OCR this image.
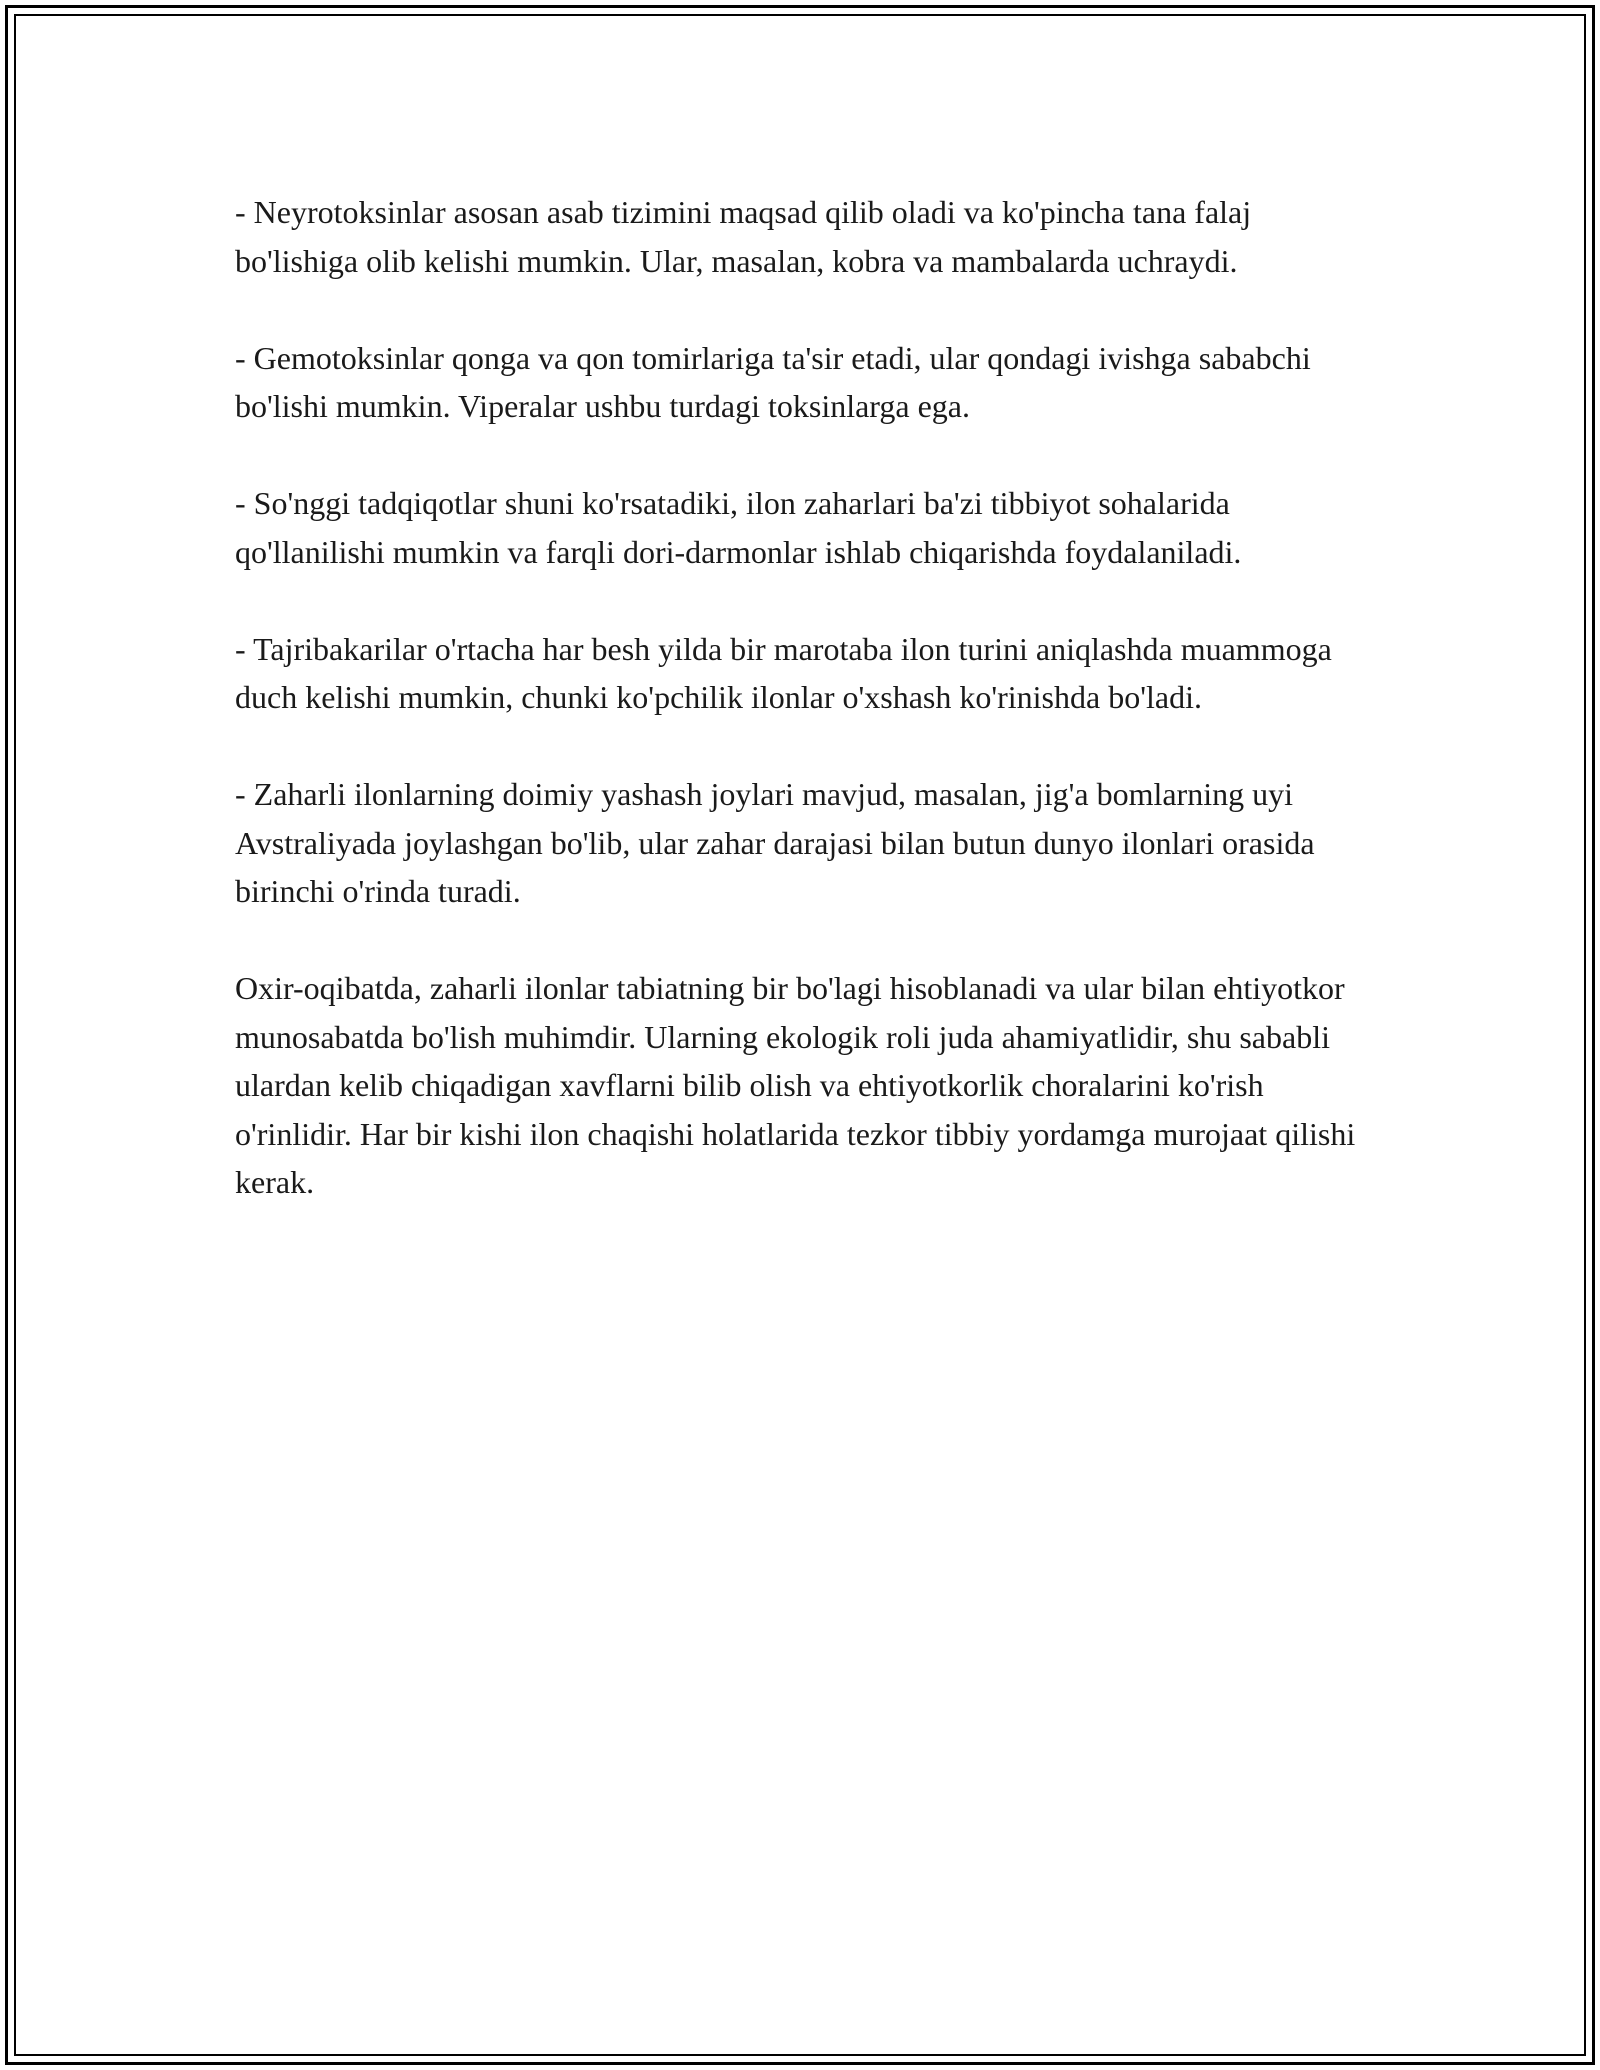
- Neyrotoksinlar asosan asab tizimini maqsad qilib oladi va ko'pincha tana falaj bo'lishiga olib kelishi mumkin. Ular, masalan, kobra va mambalarda uchraydi.

- Gemotoksinlar qonga va qon tomirlariga ta'sir etadi, ular qondagi ivishga sababchi bo'lishi mumkin. Viperalar ushbu turdagi toksinlarga ega.

- So'nggi tadqiqotlar shuni ko'rsatadiki, ilon zaharlari ba'zi tibbiyot sohalarida qo'llanilishi mumkin va farqli dori-darmonlar ishlab chiqarishda foydalaniladi.

- Tajribakarilar o'rtacha har besh yilda bir marotaba ilon turini aniqlashda muammoga duch kelishi mumkin, chunki ko'pchilik ilonlar o'xshash ko'rinishda bo'ladi.

- Zaharli ilonlarning doimiy yashash joylari mavjud, masalan, jig'a bomlarning uyi Avstraliyada joylashgan bo'lib, ular zahar darajasi bilan butun dunyo ilonlari orasida birinchi o'rinda turadi.

Oxir-oqibatda, zaharli ilonlar tabiatning bir bo'lagi hisoblanadi va ular bilan ehtiyotkor munosabatda bo'lish muhimdir. Ularning ekologik roli juda ahamiyatlidir, shu sababli ulardan kelib chiqadigan xavflarni bilib olish va ehtiyotkorlik choralarini ko'rish o'rinlidir. Har bir kishi ilon chaqishi holatlarida tezkor tibbiy yordamga murojaat qilishi kerak.
